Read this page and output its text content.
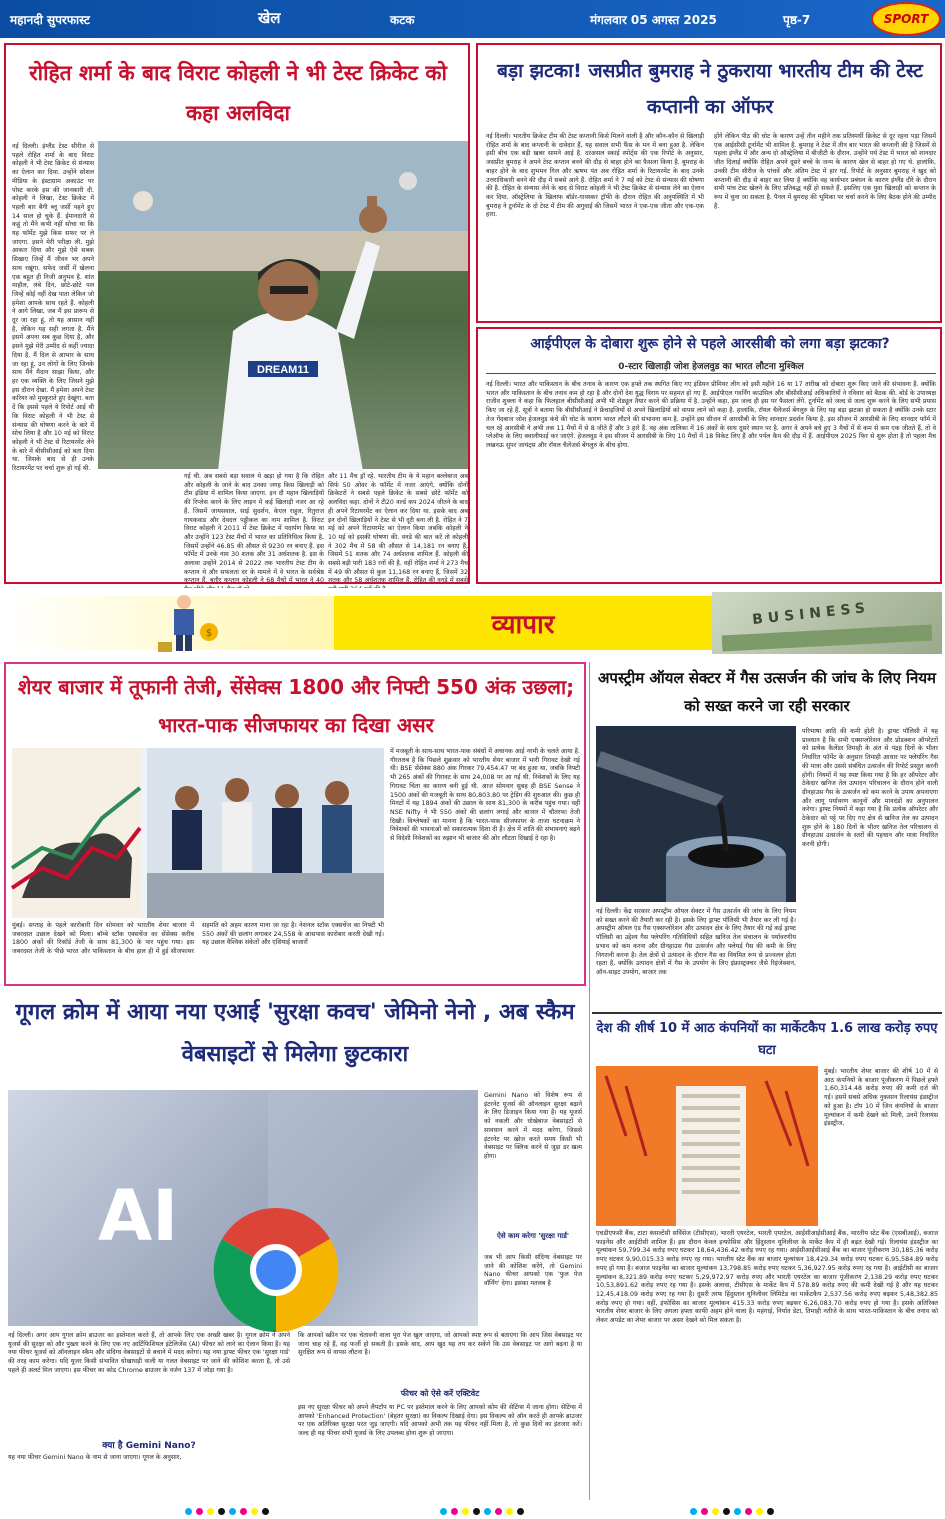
महानदी सुपरफास्ट	खेल	कटक	मंगलवार 05 अगस्त 2025	पृष्ठ-7	SPORT
रोहित शर्मा के बाद विराट कोहली ने भी टेस्ट क्रिकेट को कहा अलविदा
DREAM11
नई दिल्ली। इंग्लैंड टेस्ट सीरीज से पहले रोहित शर्मा के बाद विराट कोहली ने भी टेस्ट क्रिकेट से संन्यास का ऐलान कर दिया. उन्होंने सोशल मीडिया के इंस्टाग्राम अकाउंट पर पोस्ट करके इस की जानकारी दी. कोहली ने लिखा, टेस्ट क्रिकेट में पहली बार बैगी ब्लू जर्सी पहने हुए 14 साल हो चुके हैं. ईमानदारी से कहूं तो मैंने कभी नहीं सोचा था कि यह फॉर्मेट मुझे किस सफर पर ले जाएगा. इसने मेरी परीक्षा ली, मुझे आकार दिया और मुझे ऐसे सबक सिखाए जिन्हें मैं जीवन भर अपने साथ रखूंगा. सफेद जर्सी में खेलना एक बहुत ही निजी अनुभव है. शांत माहौल, लंबे दिन, छोटे-छोटे पल जिन्हें कोई नहीं देख पाता लेकिन जो हमेशा आपके साथ रहते हैं. कोहली ने आगे लिखा, जब मैं इस प्रारूप से दूर जा रहा हूं, तो यह आसान नहीं है, लेकिन यह सही लगता है. मैंने इसमें अपना सब कुछ दिया है, और इसने मुझे मेरी उम्मीद से कहीं ज्यादा दिया है. मैं दिल से आभार के साथ जा रहा हूं, उन लोगों के लिए जिनके साथ मैंने मैदान साझा किया, और हर एक व्यक्ति के लिए जिसने मुझे इस दौरान देखा. मैं हमेशा अपने टेस्ट करियर को मुस्कुराते हुए देखूंगा. बता दें कि इससे पहले ये रिपोर्ट आई थी कि विराट कोहली ने भी टेस्ट से संन्यास की घोषणा करने के बारे में सोच लिया है और 10 मई को विराट कोहली ने भी टेस्ट से रिटायरमेंट लेने के बारे में बीसीसीआई को बता दिया था. जिसके बाद से ही उनके रिटायरमेंट पर चर्चा शुरू हो गई थी.
गई थी. अब सबसे बड़ा सवाल ये खड़ा हो गया है कि रोहित और कोहली के जाने के बाद उनका जगह किस खिलाड़ी को टीम इंडिया में शामिल किया जाएगा. इन दौ महान खिलाड़ियों की रिप्लेस करने के लिए लाइन में कई खिलाड़ी नजर आ रहे हैं. जिसमें जायसवाल, साई सुदर्शन, केएल राहुल, रितुराज गायकवाड और देवदत्त पड्डीकल का नाम शामिल है. विराट विराट कोहली ने 2011 में टेस्ट क्रिकेट में पदार्पण किया था और उन्होंने 123 टेस्ट मैचों में भारत का प्रतिनिधित्व किया है, जिसमें उन्होंने 46.85 की औसत से 9230 रन बनाए हैं. इस फॉर्मेट में उनके नाम 30 शतक और 31 अर्धशतक है. इस के अलावा उन्होंने 2014 से 2022 तक भारतीय टेस्ट टीम के कप्तान थे और सफलता दर के मामले में वे भारत के सर्वश्रेष्ठ कप्तान हैं. बतौर कप्तान कोहली ने 68 मैचों में भारत ने 40
और 11 मैच ड्रॉ रहे. भारतीय टीम के ये महान बल्लेबाज अब सिर्फ 50 ओवर के फॉर्मेट में नजर आएंगे, क्योंकि दोनों क्रिकेटरों ने सबसे पहले क्रिकेट के सबसे छोटे फॉर्मेट को अलविदा कहा. दोनों ने टी20 वर्ल्ड कप 2024 जीतने के बाद ही अपने रिटायरमेंट का ऐलान कर दिया था. इसके बाद अब इन दोनों खिलाड़ियों ने टेस्ट से भी दूरी बना ली है. रोहित ने 7 मई को अपने रिटायरमेंट का ऐलान किया जबकि कोहली ने 10 मई को इसकी घोषणा की. वनडे की बात करें तो कोहली ने 302 मैच में 58 की औसत से 14,181 रन बनाए हैं, जिसमें 51 शतक और 74 अर्धशतक शामिल हैं. कोहली की सबसे बड़ी पारी 183 रनों की है. वहीं रोहित शर्मा ने 273 मैच में 49 की औसत से कुल 11,168 रन बनाए हैं, जिसमें 32 शतक और 58 अर्धशतक शामिल हैं. रोहित की वनडे में सबसे
बड़ा झटका! जसप्रीत बुमराह ने ठुकराया भारतीय टीम की टेस्ट कप्तानी का ऑफर
नई दिल्ली। भारतीय क्रिकेट टीम की टेस्ट कप्तानी किसे मिलने वाली है और कौन-कौन से खिलाड़ी रोहित शर्मा के बाद कप्तानी के दावेदार हैं, यह सवाल सभी फैंस के मन में बना हुआ है. लेकिन इसी बीच एक बड़ी खबर सामने आई है. दरअसल स्काई स्पोर्ट्स की एक रिपोर्ट के अनुसार, जसप्रीत बुमराह ने अपने टेस्ट कप्तान बनने की दौड़ से बाहर होने का फैसला किया है. बुमराह के बाहर होने के बाद शुभमन गिल और ऋषभ पंत अब रोहित शर्मा के रिटायरमेंट के बाद उनके उत्तराधिकारी बनने की दौड़ में सबसे आगे हैं. रोहित शर्मा ने 7 मई को टेस्ट से संन्यास की घोषणा की है. रोहित के संन्यास लेने के बाद से विराट कोहली ने भी टेस्ट क्रिकेट से संन्यास लेने का ऐलान कर दिया. ऑस्ट्रेलिया के खिलाफ बॉर्डर-गावस्कर ट्रॉफी के दौरान रोहित की अनुपस्थिति में भी बुमराह ने टूर्नामेंट के दो टेस्ट में टीम की अगुवाई की जिसमें भारत ने एक-एक जीता और एक-एक हारा.
होंगे लेकिन पीठ की चोट के कारण उन्हें तीन महीने तक प्रतिस्पर्धी क्रिकेट से दूर रहना पड़ा जिसमें एक आईसीसी टूर्नामेंट भी शामिल है. बुमराह ने टेस्ट में तीन बार भारत की कप्तानी की है जिसमें से पहला इंग्लैंड में और अन्य दो ऑस्ट्रेलिया में बीजीटी के दौरान. उन्होंने पर्थ टेस्ट में भारत को शानदार जीत दिलाई क्योंकि रोहित अपने दूसरे बच्चे के जन्म के कारण खेल से बाहर हो गए थे. हालांकि, उनकी टीम सीरीज के पांचवें और अंतिम टेस्ट में हार गई. रिपोर्ट के अनुसार बुमराह ने खुद को कप्तानी की दौड़ से बाहर कर लिया है क्योंकि वह कार्यभार प्रबंधन के कारण इंग्लैंड दौरे के दौरान सभी पांच टेस्ट खेलने के लिए प्रतिबद्ध नहीं हो सकते हैं. इसलिए एक युवा खिलाड़ी को कप्तान के रूप में चुना जा सकता है. पैनल में बुमराह की भूमिका पर चर्चा करने के लिए बैठक होने की उम्मीद है.
आईपीएल के दोबारा शुरू होने से पहले आरसीबी को लगा बड़ा झटका?
0-स्टार खिलाड़ी जोश हेजलवुड का भारत लौटना मुश्किल
नई दिल्ली। भारत और पाकिस्तान के बीच तनाव के कारण एक हफ्ते तक स्थगित किए गए इंडियन प्रीमियर लीग को इसी महीने 16 या 17 तारीख को दोबारा शुरू किए जाने की संभावना है. क्योंकि भारत और पाकिस्तान के बीच तनाव कम हो रहा है और दोनों देश युद्ध विराम पर सहमत हो गए हैं. आईपीएल गवर्निंग काउंसिल और बीसीसीआई अधिकारियों ने रविवार को बैठक की. बोर्ड के उपाध्यक्ष राजीव शुक्ला ने कहा कि फिलहाल बीसीसीआई अभी भी शेड्यूल तैयार करने की प्रक्रिया में है. उन्होंने कहा, हम जल्द ही इस पर फैसला लेंगे. टूर्नामेंट को जल्द से जल्द शुरू करने के लिए सभी प्रयास किए जा रहे हैं. सूत्रों ने बताया कि बीसीसीआई ने फ्रेंचाइजियों से अपने खिलाड़ियों को वापस लाने को कहा है. हालांकि, रॉयल चैलेंजर्स बेंगलुरु के लिए यह बड़ा झटका हो सकता है क्योंकि उनके स्टार तेज गेंदबाज जोश हेजलवुड कंधे की चोट के कारण भारत लौटने की संभावना कम है. उन्होंने इस सीजन में आरसीबी के लिए शानदार प्रदर्शन किया है. इस सीजन में आरसीबी के लिए शानदार फॉर्म में चल रहे आरसीबी ने अभी तक 11 मैचों में से 8 जीते हैं और 3 हारे हैं. वह अंक तालिका में 16 अंकों के साथ दूसरे स्थान पर है. अगर वे अपने बचे हुए 3 मैचों में से कम से कम एक जीतते हैं, तो वे प्लेऑफ के लिए क्वालीफाई कर जाएंगे. हेजलवुड ने इस सीजन में आरसीबी के लिए 10 मैचों में 18 विकेट लिए हैं और पर्पल कैप की दौड़ में हैं. आईपीएल 2025 फिर से शुरू होता है तो पहला मैच लखनऊ सुपर जायंट्स और रॉयल चैलेंजर्स बेंगलुरु के बीच होगा.
$	व्यापार	BUSINESS
शेयर बाजार में तूफानी तेजी, सेंसेक्स 1800 और निफ्टी 550 अंक उछला; भारत-पाक सीजफायर का दिखा असर
में मजबूती के साथ-साथ भारत-पाक संबंधों में अचानक आई नरमी के चलते आया है. गौरतलब है कि पिछले शुक्रवार को भारतीय शेयर बाजार में भारी गिरावट देखी गई थी। BSE सेंसेक्स 880 अंक गिरकर 79,454.47 पर बंद हुआ था, जबकि निफ्टी भी 265 अंकों की गिरावट के साथ 24,008 पर आ गई थी. निवेशकों के लिए यह गिरावट चिंता का कारण बनी हुई थी. आज सोमवार सुबह ही BSE Sense ने 1500 अंकों की मजबूती के साथ 80,803.80 पर ट्रेडिंग की शुरुआत की। कुछ ही मिनटों में यह 1894 अंकों की उछाल के साथ 81,300 के करीब पहुंच गया। वहीं NSE Nifty ने भी 550 अंकों की छलांग लगाई और बाजार में चौतरफा तेजी दिखी। विश्लेषकों का मानना है कि भारत-पाक सीजफायर के ताजा घटनाक्रम ने निवेशकों की भावनाओं को सकारात्मक दिशा दी है। क्षेत्र में शांति की संभावनाएं बढ़ने से विदेशी निवेशकों का रुझान भी बाजार की ओर लौटता दिखाई दे रहा है।
मुंबई। सप्ताह के पहले कारोबारी दिन सोमवार को भारतीय शेयर बाजार में जबरदस्त उछाल देखने को मिला। बॉम्बे स्टॉक एक्सचेंज का सेंसेक्स करीब 1800 अंकों की रिकॉर्ड तेजी के साथ 81,300 के पार पहुंच गया। इस जबरदस्त तेजी के पीछे भारत और पाकिस्तान के बीच हाल ही में हुई सीजफायर सहमति को अहम कारण माना जा रहा है। नेशनल स्टॉक एक्सचेंज का निफ्टी भी 550 अंकों की छलांग लगाकर 24,558 के आसपास कारोबार करती देखी गई। यह उछाल वैश्विक संकेतों और एशियाई बाजारों
अपस्ट्रीम ऑयल सेक्टर में गैस उत्सर्जन की जांच के लिए नियम को सख्त करने जा रही सरकार
परिभाषा आदि की कमी होती है। ड्राफ्ट पॉलिसी में यह प्रावधान है कि सभी एक्सप्लोरेशन और प्रोडक्शन ऑपरेटरों को प्रत्येक कैलेंडर तिमाही के अंत से पंद्रह दिनों के भीतर निर्धारित फॉर्मेट के अनुसार तिमाही आधार पर फ्लेयरिंग गैस की मात्रा और उससे संबंधित उत्सर्जन की रिपोर्ट प्रस्तुत करनी होगी। नियमों में यह स्पष्ट किया गया है कि हर ऑपरेटर और ठेकेदार खनिज तेल उत्पादन परिचालन के दौरान होने वाली ग्रीनहाउस गैस के उत्सर्जन को कम करने के उपाय अपनाएगा और लागू पर्यावरण कानूनों और मानदंडों का अनुपालन करेगा। ड्राफ्ट नियमों में कहा गया है कि प्रत्येक ऑपरेटर और ठेकेदार को पट्टे पर दिए गए क्षेत्र से खनिज तेल का उत्पादन शुरू होने के 180 दिनों के भीतर खनिज तेल परिचालन से ग्रीनहाउस उत्सर्जन के स्तरों की पहचान और मात्रा निर्धारित करनी होगी।
नई दिल्ली। केंद्र सरकार अपस्ट्रीम ऑयल सेक्टर में गैस उत्सर्जन की जांच के लिए नियम को सख्त करने की तैयारी कर रही है। इसके लिए ड्राफ्ट पॉलिसी भी तैयार कर ली गई है। अपस्ट्रीम ऑयल एंड गैस एक्सप्लोरेशन और उत्पादन क्षेत्र के लिए तैयार की गई कई ड्राफ्ट पॉलिसी का उद्देश्य गैस फ्लेयरिंग गतिविधियों सहित खनिज तेल संचालन के पर्यावरणीय प्रभाव को कम करना और ग्रीनहाउस गैस उत्सर्जन और फ्लेयर्ड गैस की कमी के लिए निगरानी करना है। तेल क्षेत्रों से उत्पादन के दौरान गैस का नियमित रूप से प्रज्वलन होता रहता है, क्योंकि उत्पादन क्षेत्रों में गैस के उपयोग के लिए इंफ्रास्ट्रक्चर जैसे रिइंजेक्शन, ऑन-साइट उपयोग, बाजार तक
गूगल क्रोम में आया नया एआई 'सुरक्षा कवच' जेमिनो नेनो , अब स्कैम वेबसाइटों से मिलेगा छुटकारा
AI
Gemini Nano को विशेष रूप से इंटरनेट यूजर्स की ऑनलाइन सुरक्षा बढ़ाने के लिए डिजाइन किया गया है। यह यूजर्स को नकली और धोखेबाज वेबसाइटों से सावधान करने में मदद करेगा, जिससे इंटरनेट पर खोज करते समय किसी भी वेबसाइट पर क्लिक करने से जुड़ा डर खत्म होगा।
ऐसे काम करेगा 'सुरक्षा गार्ड'
जब भी आप किसी संदिग्ध वेबसाइट पर जाने की कोशिश करेंगे, तो Gemini Nano फीचर आपको एक 'फुल पेज वॉर्निंग' देगा। इसका मतलब है
नई दिल्ली। अगर आप गूगल क्रोम ब्राउजर का इस्तेमाल करते हैं, तो आपके लिए एक अच्छी खबर है। गूगल क्रोम ने अपने यूजर्स की सुरक्षा को और पुख्ता करने के लिए एक नए आर्टिफिशियल इंटेलिजेंस (AI) फीचर को लाने का ऐलान किया है। यह नया फीचर यूजर्स को ऑनलाइन स्कैम और संदिग्ध वेबसाइटों से बचाने में मदद करेगा। यह नया ड्राफ्ट फीचर एक 'सुरक्षा गार्ड' की तरह काम करेगा। यदि यूजर किसी संभावित धोखाधड़ी वाली या गलत वेबसाइट पर जाने की कोशिश करता है, तो उसे पहले ही अलर्ट मिल जाएगा। इस फीचर का कोड Chrome ब्राउजर के वर्जन 137 में जोड़ा गया है।
क्या है Gemini Nano?
यह नया फीचर Gemini Nano के नाम से जाना जाएगा। गूगल के अनुसार,
कि आपको स्क्रीन पर एक चेतावनी वाला पूरा पेज खुल जाएगा, जो आपको स्पष्ट रूप से बताएगा कि आप जिस वेबसाइट पर जाना चाह रहे हैं, वह फर्जी हो सकती है। इसके बाद, आप खुद यह तय कर सकेंगे कि उस वेबसाइट पर आगे बढ़ना है या सुरक्षित रूप से वापस लौटना है।
फीचर को ऐसे करें एक्टिवेट
इस नए सुरक्षा फीचर को अपने लैपटॉप या PC पर इस्तेमाल करने के लिए आपको कोम की सेटिंग्स में जाना होगा। सेटिंग्स में आपको 'Enhanced Protection' (बेहतर सुरक्षा) का विकल्प दिखाई देगा। इस विकल्प को ऑन करते ही आपके ब्राउजर पर एक अतिरिक्त सुरक्षा परत जुड़ जाएगी। यदि आपको अभी तक यह फीचर नहीं मिला है, तो कुछ दिनों का इंतजार करें। जल्द ही यह फीचर सभी यूजर्स के लिए उपलब्ध होना शुरू हो जाएगा।
देश की शीर्ष 10 में आठ कंपनियों का मार्केटकैप 1.6 लाख करोड़ रुपए घटा
मुंबई। भारतीय शेयर बाजार की शीर्ष 10 में से आठ कंपनियों के बाजार पूंजीकरण में पिछले हफ्ते 1,60,314.48 करोड़ रुपए की कमी दर्ज की गई। इसमें सबसे अधिक नुकसान रिलायंस इंडस्ट्रीज को हुआ है। टॉप 10 में जिन कंपनियों के बाजार मूल्यांकन में कमी देखने को मिली, उनमें रिलायंस इंडस्ट्रीज,
एचडीएफसी बैंक, टाटा कंसल्टेंसी सर्विसेज (टीसीएस), भारती एयरटेल, भारती एयरटेल, आईसीआईसीआई बैंक, भारतीय स्टेट बैंक (एसबीआई), बजाज फाइनेंस और आईटीसी शामिल हैं। इस दौरान केवल इन्फोसिस और हिंदुस्तान यूनिलीवर के मार्केट कैप में ही बढ़त देखी गई। रिलायंस इंडस्ट्रीज का मूल्यांकन 59,799.34 करोड़ रुपए घटकर 18,64,436.42 करोड़ रुपए रह गया। आईसीआईसीआई बैंक का बाजार पूंजीकरण 30,185.36 करोड़ रुपए घटकर 9,90,015.33 करोड़ रुपए रह गया। भारतीय स्टेट बैंक का बाजार मूल्यांकन 18,429.34 करोड़ रुपए घटकर 6,95,584.89 करोड़ रुपए हो गया है। बजाज फाइनेंस का बाजार मूल्यांकन 13,798.85 करोड़ रुपए घटकर 5,36,927.95 करोड़ रुपए रह गया है। आईटीसी का बाजार मूल्यांकन 8,321.89 करोड़ रुपए घटकर 5,29,972.97 करोड़ रुपए और भारती एयरटेल का बाजार पूंजीकरण 2,138.29 करोड़ रुपए घटकर 10,53,891.62 करोड़ रुपए रह गया है। इसके अलावा, टीसीएस के मार्केट कैप में 578.89 करोड़ रुपए की कमी देखी गई है और यह घटकर 12,45,418.09 करोड़ रुपए रह गया है। दूसरी तरफ हिंदुस्तान यूनिलीवर लिमिटेड का मार्केटकैप 2,537.56 करोड़ रुपए बढ़कर 5,48,382.85 करोड़ रुपए हो गया। वहीं, इंफोसिस का बाजार मूल्यांकन 415.33 करोड़ रुपए बढ़कर 6,26,083.70 करोड़ रुपए हो गया है। इसके अतिरिक्त भारतीय शेयर बाजार के लिए अगला हफ्ता काफी अहम होने वाला है। महंगाई, निर्यात डेटा, तिमाही नतीजे के साथ भारत-पाकिस्तान के बीच तनाव को लेकर अपडेट का शेयर बाजार पर असर देखने को मिल सकता है।
